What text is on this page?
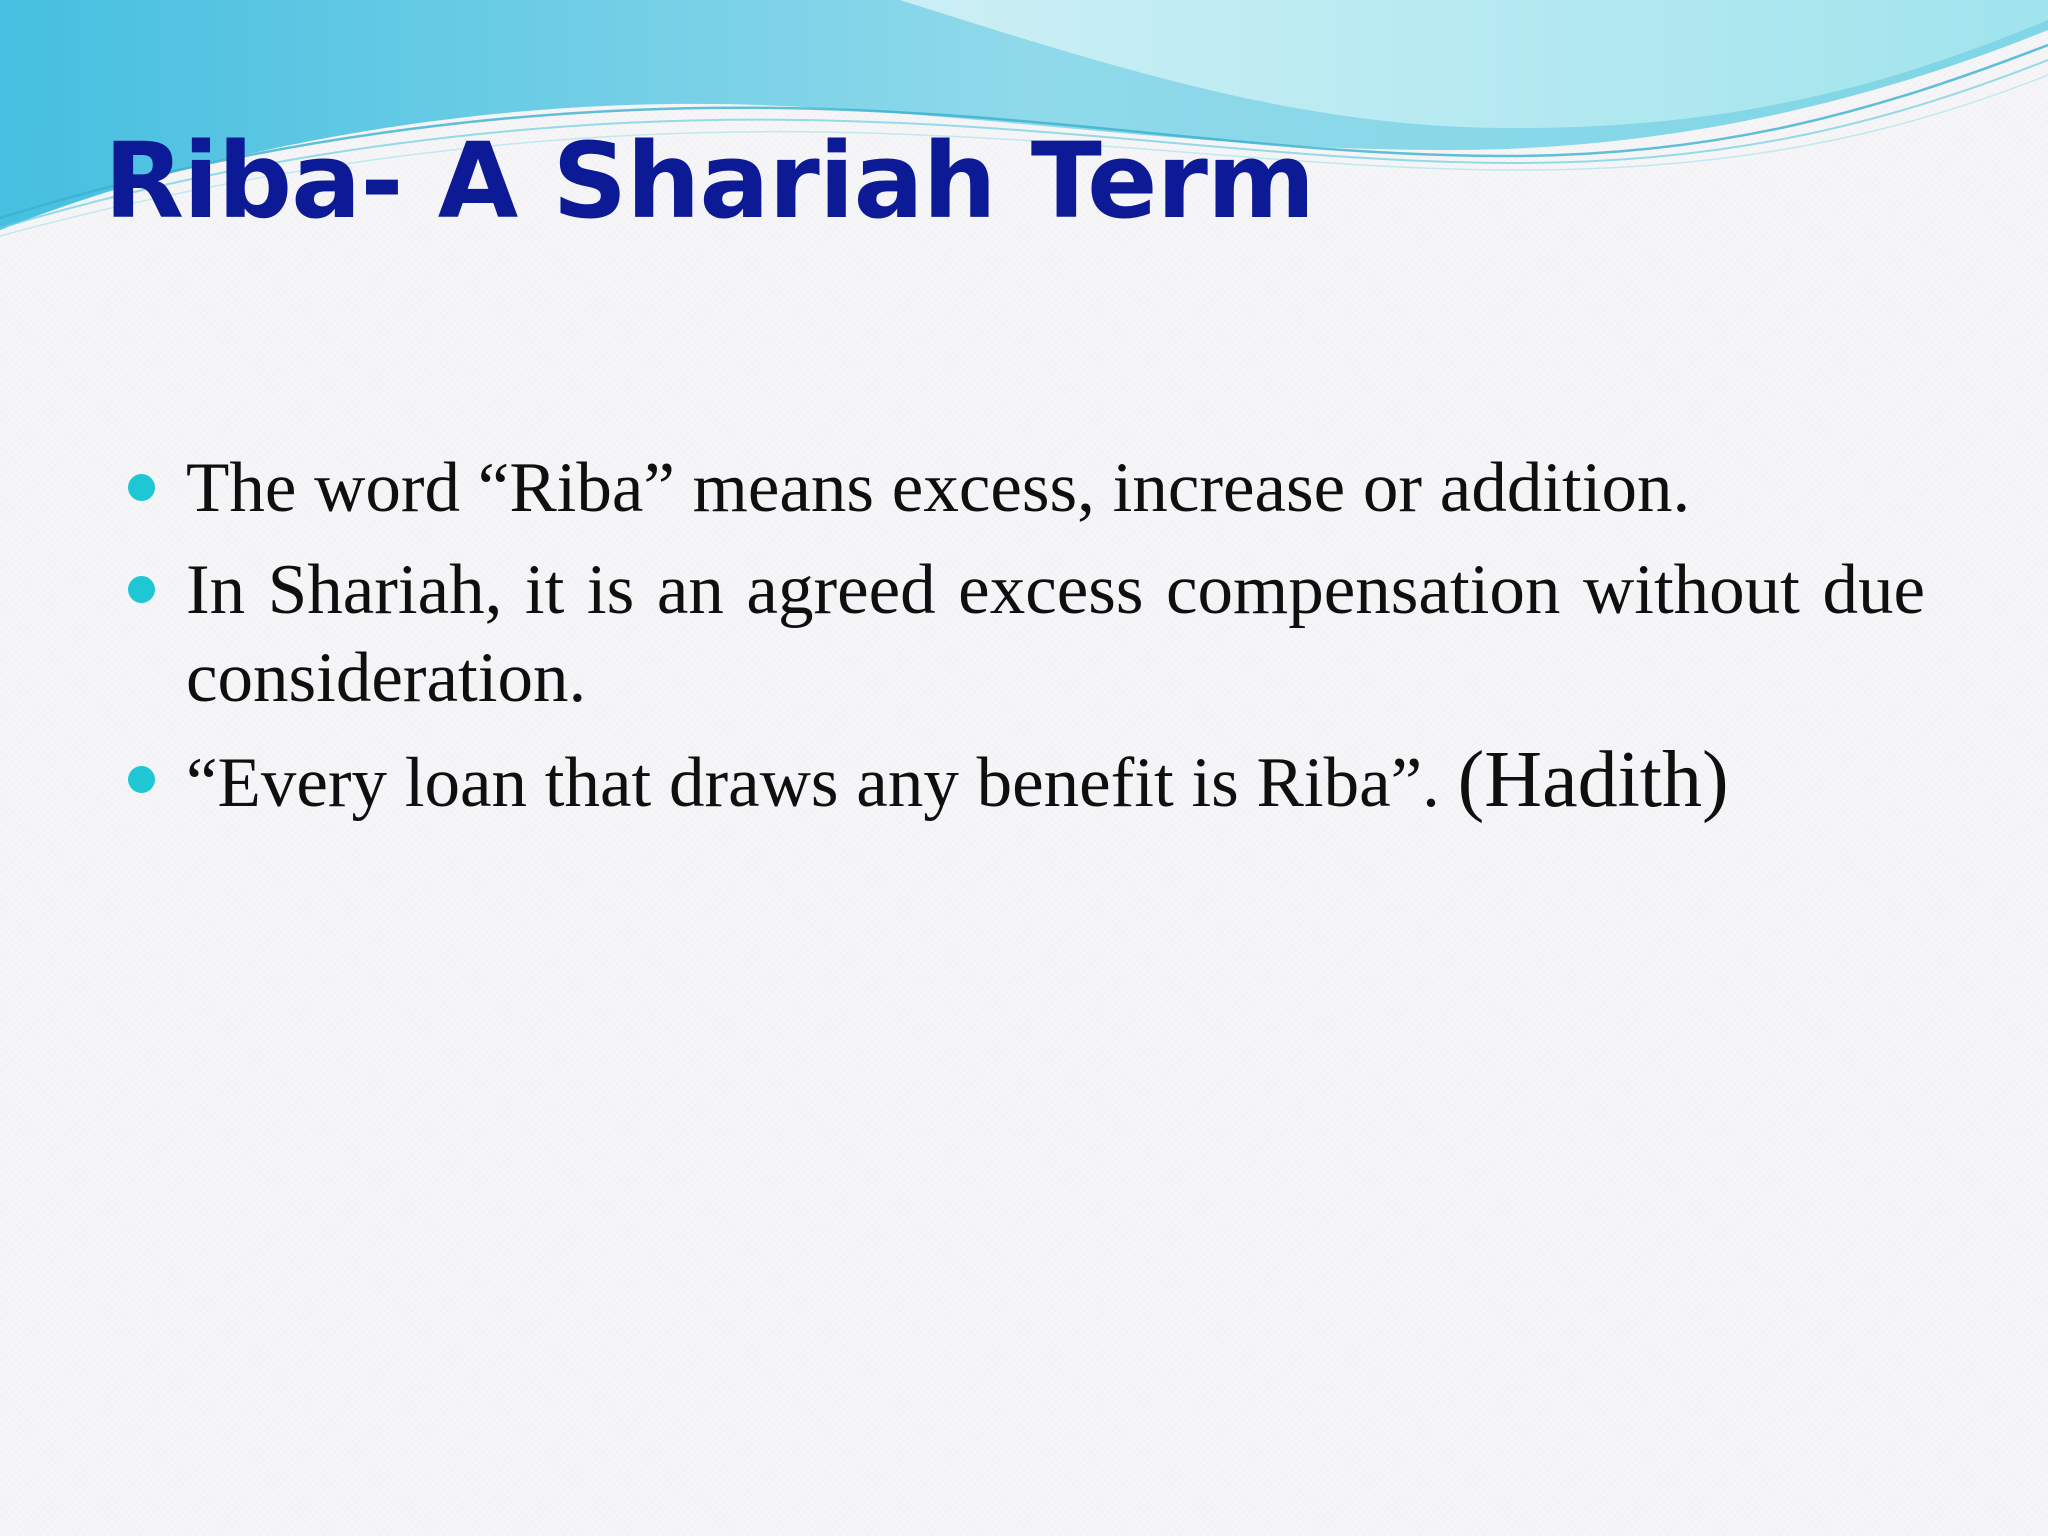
Riba- A Shariah Term
The word “Riba” means excess, increase or addition.
In Shariah, it is an agreed excess compensation without due consideration.
“Every loan that draws any benefit is Riba”. (Hadith)
